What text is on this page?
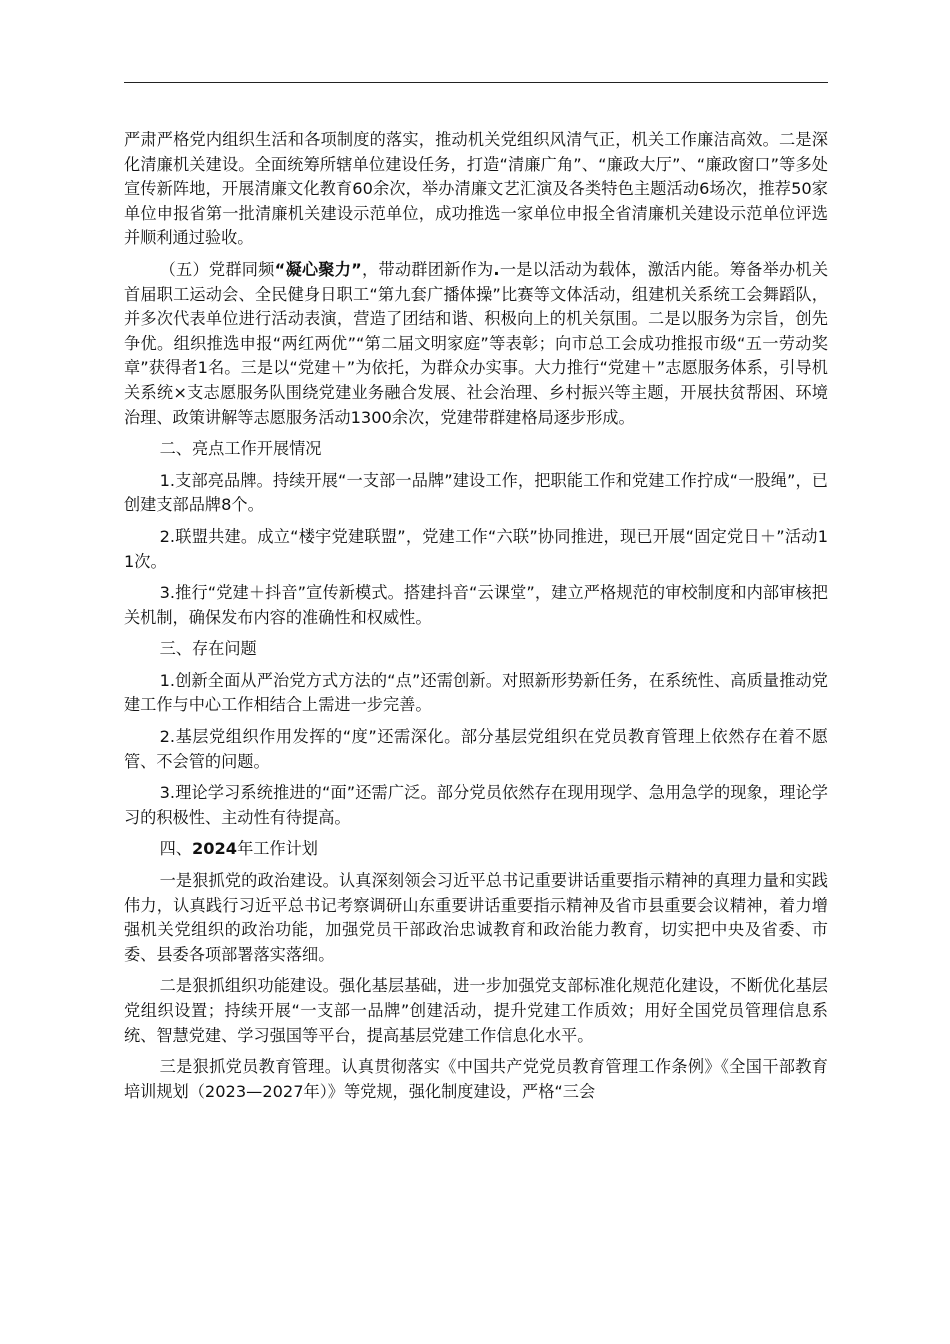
严肃严格党内组织生活和各项制度的落实，推动机关党组织风清气正，机关工作廉洁高效。二是深化清廉机关建设。全面统筹所辖单位建设任务，打造“清廉广角”、“廉政大厅”、“廉政窗口”等多处宣传新阵地，开展清廉文化教育60余次，举办清廉文艺汇演及各类特色主题活动6场次，推荐50家单位申报省第一批清廉机关建设示范单位，成功推选一家单位申报全省清廉机关建设示范单位评选并顺利通过验收。

（五）党群同频“凝心聚力”，带动群团新作为.一是以活动为载体，激活内能。筹备举办机关首届职工运动会、全民健身日职工“第九套广播体操”比赛等文体活动，组建机关系统工会舞蹈队，并多次代表单位进行活动表演，营造了团结和谐、积极向上的机关氛围。二是以服务为宗旨，创先争优。组织推选申报“两红两优”“第二届文明家庭”等表彰；向市总工会成功推报市级“五一劳动奖章”获得者1名。三是以“党建＋”为依托，为群众办实事。大力推行“党建＋”志愿服务体系，引导机关系统×支志愿服务队围绕党建业务融合发展、社会治理、乡村振兴等主题，开展扶贫帮困、环境治理、政策讲解等志愿服务活动1300余次，党建带群建格局逐步形成。

二、亮点工作开展情况

1.支部亮品牌。持续开展“一支部一品牌”建设工作，把职能工作和党建工作拧成“一股绳”，已创建支部品牌8个。

2.联盟共建。成立“楼宇党建联盟”，党建工作“六联”协同推进，现已开展“固定党日＋”活动11次。

3.推行“党建＋抖音”宣传新模式。搭建抖音“云课堂”，建立严格规范的审校制度和内部审核把关机制，确保发布内容的准确性和权威性。

三、存在问题

1.创新全面从严治党方式方法的“点”还需创新。对照新形势新任务，在系统性、高质量推动党建工作与中心工作相结合上需进一步完善。

2.基层党组织作用发挥的“度”还需深化。部分基层党组织在党员教育管理上依然存在着不愿管、不会管的问题。

3.理论学习系统推进的“面”还需广泛。部分党员依然存在现用现学、急用急学的现象，理论学习的积极性、主动性有待提高。

四、2024年工作计划

一是狠抓党的政治建设。认真深刻领会习近平总书记重要讲话重要指示精神的真理力量和实践伟力，认真践行习近平总书记考察调研山东重要讲话重要指示精神及省市县重要会议精神，着力增强机关党组织的政治功能，加强党员干部政治忠诚教育和政治能力教育，切实把中央及省委、市委、县委各项部署落实落细。

二是狠抓组织功能建设。强化基层基础，进一步加强党支部标准化规范化建设，不断优化基层党组织设置；持续开展“一支部一品牌”创建活动，提升党建工作质效；用好全国党员管理信息系统、智慧党建、学习强国等平台，提高基层党建工作信息化水平。

三是狠抓党员教育管理。认真贯彻落实《中国共产党党员教育管理工作条例》《全国干部教育培训规划（2023—2027年）》等党规，强化制度建设，严格“三会
